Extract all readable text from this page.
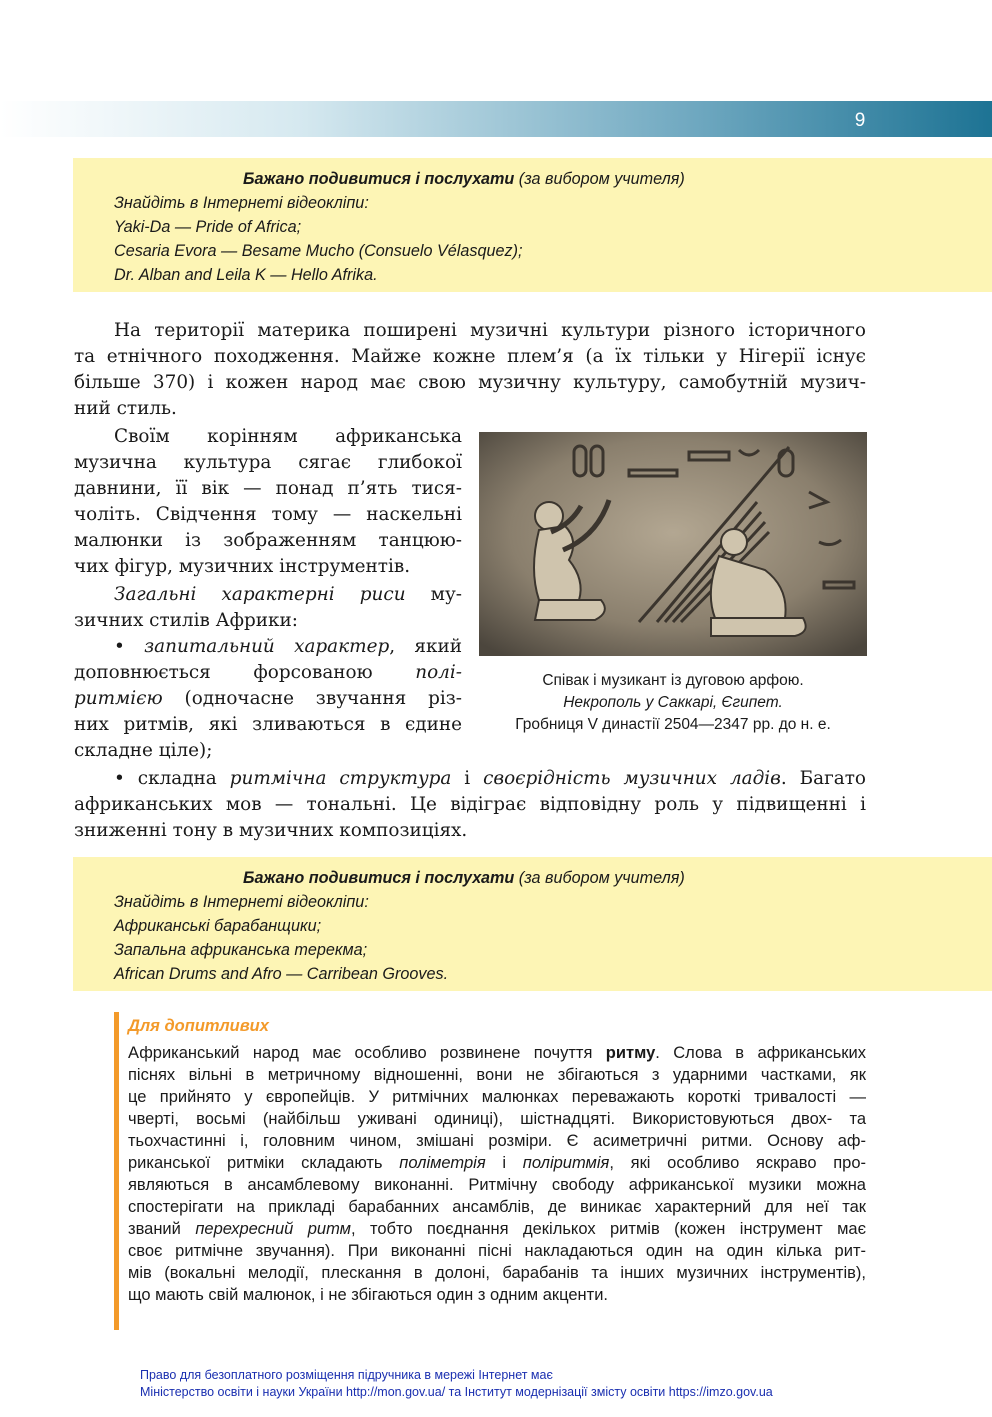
9
Бажано подивитися і послухати (за вибором учителя)
Знайдіть в Інтернеті відеокліпи:
Yaki-Da — Pride of Africa;
Cesaria Evora — Besame Mucho (Consuelo Vélasquez);
Dr. Alban and Leila K — Hello Afrika.
На території материка поширені музичні культури різного історичного
та етнічного походження. Майже кожне плем’я (а їх тільки у Нігерії існує
більше 370) і кожен народ має свою музичну культуру, самобутній музич-
ний стиль.
Своїм корінням африканська
музична культура сягає глибокої
давнини, її вік — понад п’ять тися-
чоліть. Свідчення тому — наскельні
малюнки із зображенням танцюю-
чих фігур, музичних інструментів.
Загальні характерні риси му-
зичних стилів Африки:
• запитальний характер, який
доповнюється форсованою полі-
ритмією (одночасне звучання різ-
них ритмів, які зливаються в єдине
складне ціле);
• складна ритмічна структура і своєрідність музичних ладів. Багато
африканських мов — тональні. Це відіграє відповідну роль у підвищенні і
зниженні тону в музичних композиціях.
Співак і музикант із дуговою арфою.
Некрополь у Саккарі, Єгипет.
Гробниця V династії 2504—2347 рр. до н. е.
Бажано подивитися і послухати (за вибором учителя)
Знайдіть в Інтернеті відеокліпи:
Африканські барабанщики;
Запальна африканська терекма;
African Drums and Afro — Carribean Grooves.
Для допитливих
Африканський народ має особливо розвинене почуття ритму. Слова в африканських
піснях вільні в метричному відношенні, вони не збігаються з ударними частками, як
це прийнято у європейців. У ритмічних малюнках переважають короткі тривалості —
чверті, восьмі (найбільш уживані одиниці), шістнадцяті. Використовуються двох- та
тьохчастинні і, головним чином, змішані розміри. Є асиметричні ритми. Основу аф-
риканської ритміки складають поліметрія і поліритмія, які особливо яскраво про-
являються в ансамблевому виконанні. Ритмічну свободу африканської музики можна
спостерігати на прикладі барабанних ансамблів, де виникає характерний для неї так
званий перехресний ритм, тобто поєднання декількох ритмів (кожен інструмент має
своє ритмічне звучання). При виконанні пісні накладаються один на один кілька рит-
мів (вокальні мелодії, плескання в долоні, барабанів та інших музичних інструментів),
що мають свій малюнок, і не збігаються один з одним акценти.
Право для безоплатного розміщення підручника в мережі Інтернет має
Міністерство освіти і науки України http://mon.gov.ua/ та Інститут модернізації змісту освіти https://imzo.gov.ua
